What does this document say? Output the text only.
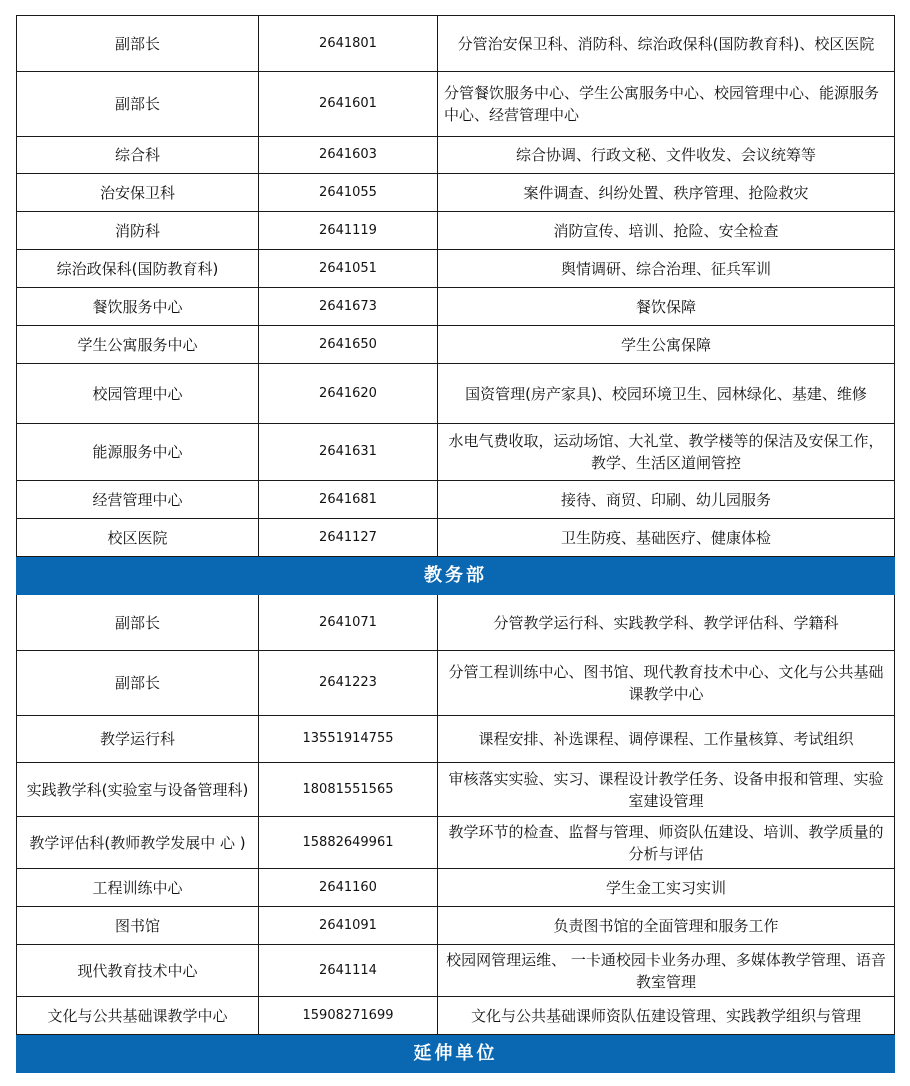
副部长	2641801	分管治安保卫科、消防科、综治政保科(国防教育科)、校区医院
副部长	2641601	分管餐饮服务中心、学生公寓服务中心、校园管理中心、能源服务中心、经营管理中心
综合科	2641603	综合协调、行政文秘、文件收发、会议统筹等
治安保卫科	2641055	案件调查、纠纷处置、秩序管理、抢险救灾
消防科	2641119	消防宣传、培训、抢险、安全检查
综治政保科(国防教育科)	2641051	舆情调研、综合治理、征兵军训
餐饮服务中心	2641673	餐饮保障
学生公寓服务中心	2641650	学生公寓保障
校园管理中心	2641620	国资管理(房产家具)、校园环境卫生、园林绿化、基建、维修
能源服务中心	2641631	水电气费收取，运动场馆、大礼堂、教学楼等的保洁及安保工作，教学、生活区道闸管控
经营管理中心	2641681	接待、商贸、印刷、幼儿园服务
校区医院	2641127	卫生防疫、基础医疗、健康体检
教务部		
副部长	2641071	分管教学运行科、实践教学科、教学评估科、学籍科
副部长	2641223	分管工程训练中心、图书馆、现代教育技术中心、文化与公共基础课教学中心
教学运行科	13551914755	课程安排、补选课程、调停课程、工作量核算、考试组织
实践教学科(实验室与设备管理科)	18081551565	审核落实实验、实习、课程设计教学任务、设备申报和管理、实验室建设管理
教学评估科(教师教学发展中 心 )	15882649961	教学环节的检查、监督与管理、师资队伍建设、培训、教学质量的分析与评估
工程训练中心	2641160	学生金工实习实训
图书馆	2641091	负责图书馆的全面管理和服务工作
现代教育技术中心	2641114	校园网管理运维、 一卡通校园卡业务办理、多媒体教学管理、语音教室管理
文化与公共基础课教学中心	15908271699	文化与公共基础课师资队伍建设管理、实践教学组织与管理
延伸单位		
